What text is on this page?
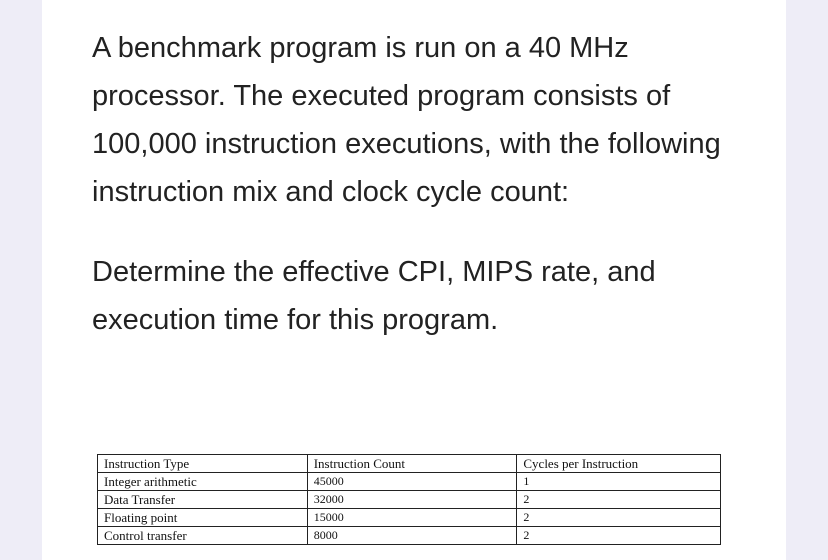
A benchmark program is run on a 40 MHz processor. The executed program consists of 100,000 instruction executions, with the following instruction mix and clock cycle count:

Determine the effective CPI, MIPS rate, and execution time for this program.

Instruction Type	Instruction Count	Cycles per Instruction
Integer arithmetic	45000	1
Data Transfer	32000	2
Floating point	15000	2
Control transfer	8000	2
